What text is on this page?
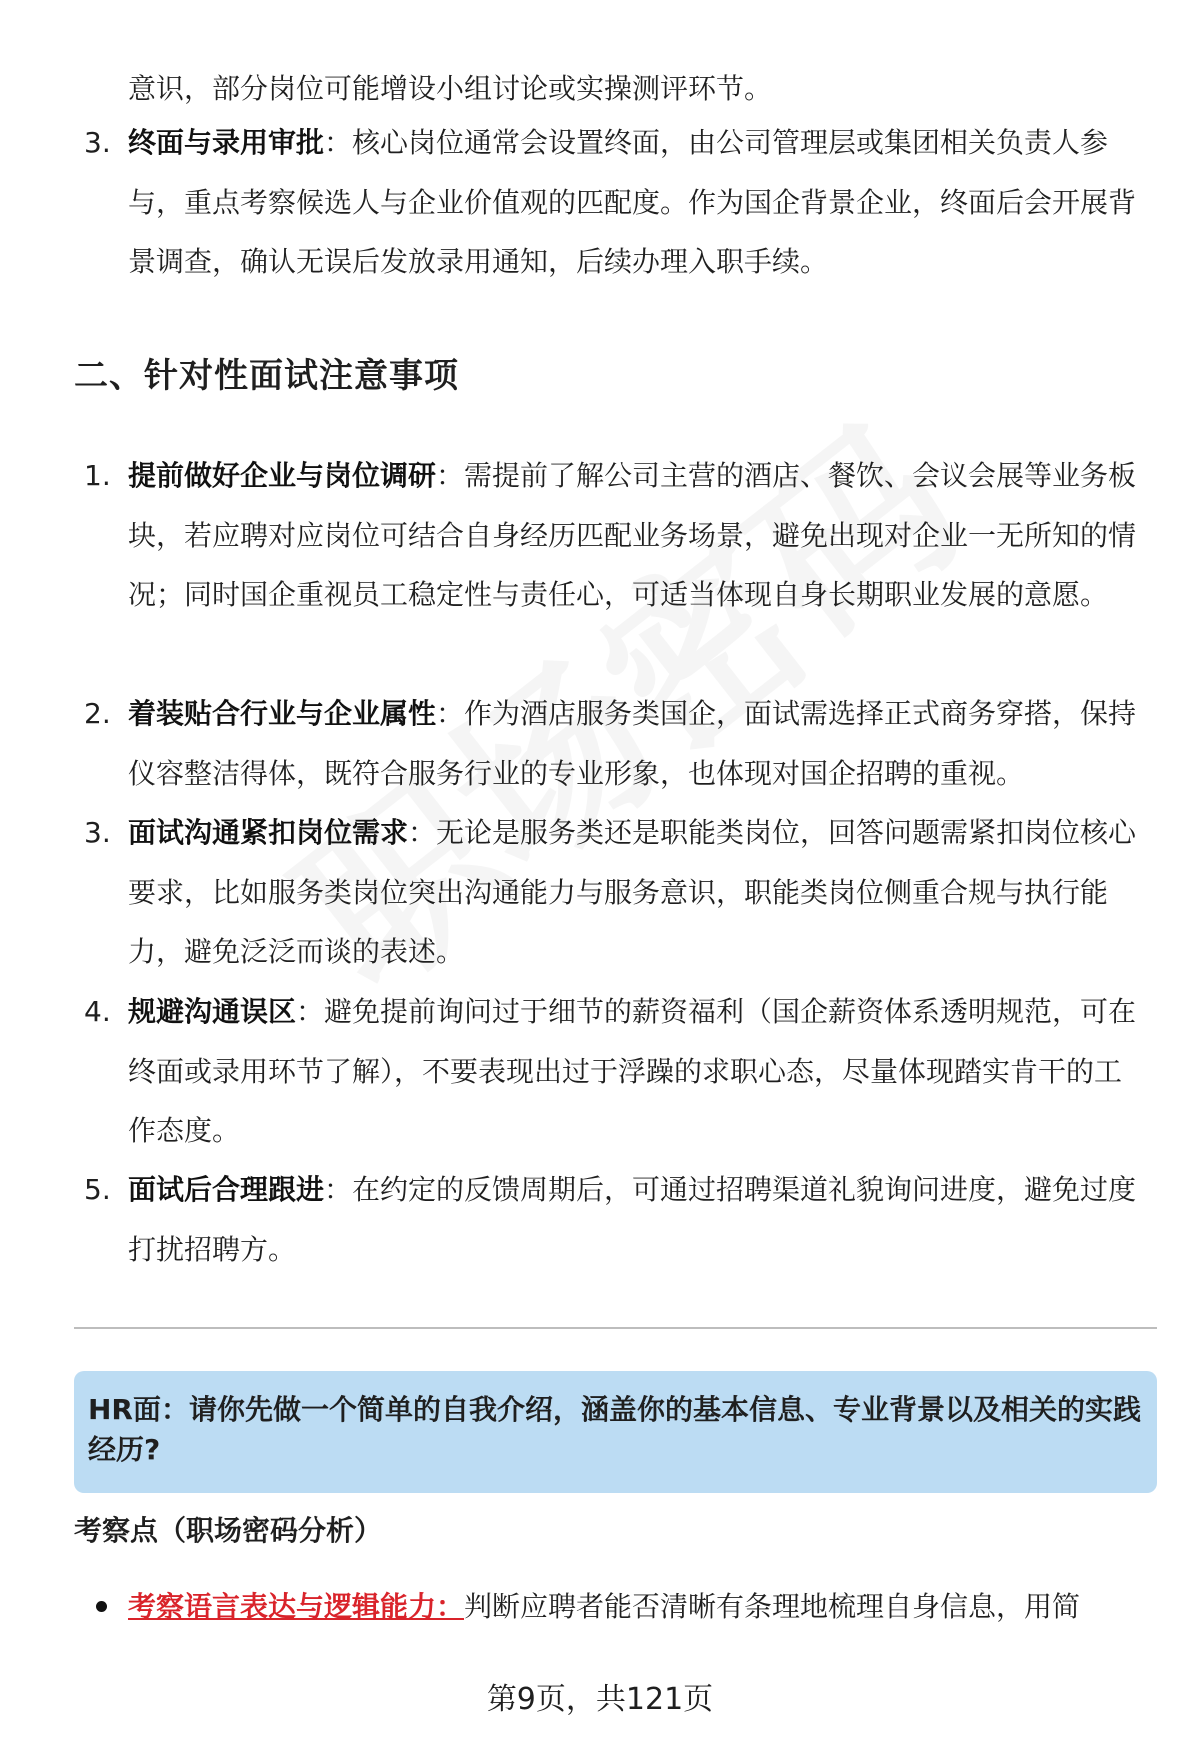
意识，部分岗位可能增设小组讨论或实操测评环节。
3. 终面与录用审批：核心岗位通常会设置终面，由公司管理层或集团相关负责人参与，重点考察候选人与企业价值观的匹配度。作为国企背景企业，终面后会开展背景调查，确认无误后发放录用通知，后续办理入职手续。
二、针对性面试注意事项
1. 提前做好企业与岗位调研：需提前了解公司主营的酒店、餐饮、会议会展等业务板块，若应聘对应岗位可结合自身经历匹配业务场景，避免出现对企业一无所知的情况；同时国企重视员工稳定性与责任心，可适当体现自身长期职业发展的意愿。
2. 着装贴合行业与企业属性：作为酒店服务类国企，面试需选择正式商务穿搭，保持仪容整洁得体，既符合服务行业的专业形象，也体现对国企招聘的重视。
3. 面试沟通紧扣岗位需求：无论是服务类还是职能类岗位，回答问题需紧扣岗位核心要求，比如服务类岗位突出沟通能力与服务意识，职能类岗位侧重合规与执行能力，避免泛泛而谈的表述。
4. 规避沟通误区：避免提前询问过于细节的薪资福利（国企薪资体系透明规范，可在终面或录用环节了解），不要表现出过于浮躁的求职心态，尽量体现踏实肯干的工作态度。
5. 面试后合理跟进：在约定的反馈周期后，可通过招聘渠道礼貌询问进度，避免过度打扰招聘方。
HR面：请你先做一个简单的自我介绍，涵盖你的基本信息、专业背景以及相关的实践经历?
考察点（职场密码分析）
考察语言表达与逻辑能力：判断应聘者能否清晰有条理地梳理自身信息，用简
第9页，共121页
